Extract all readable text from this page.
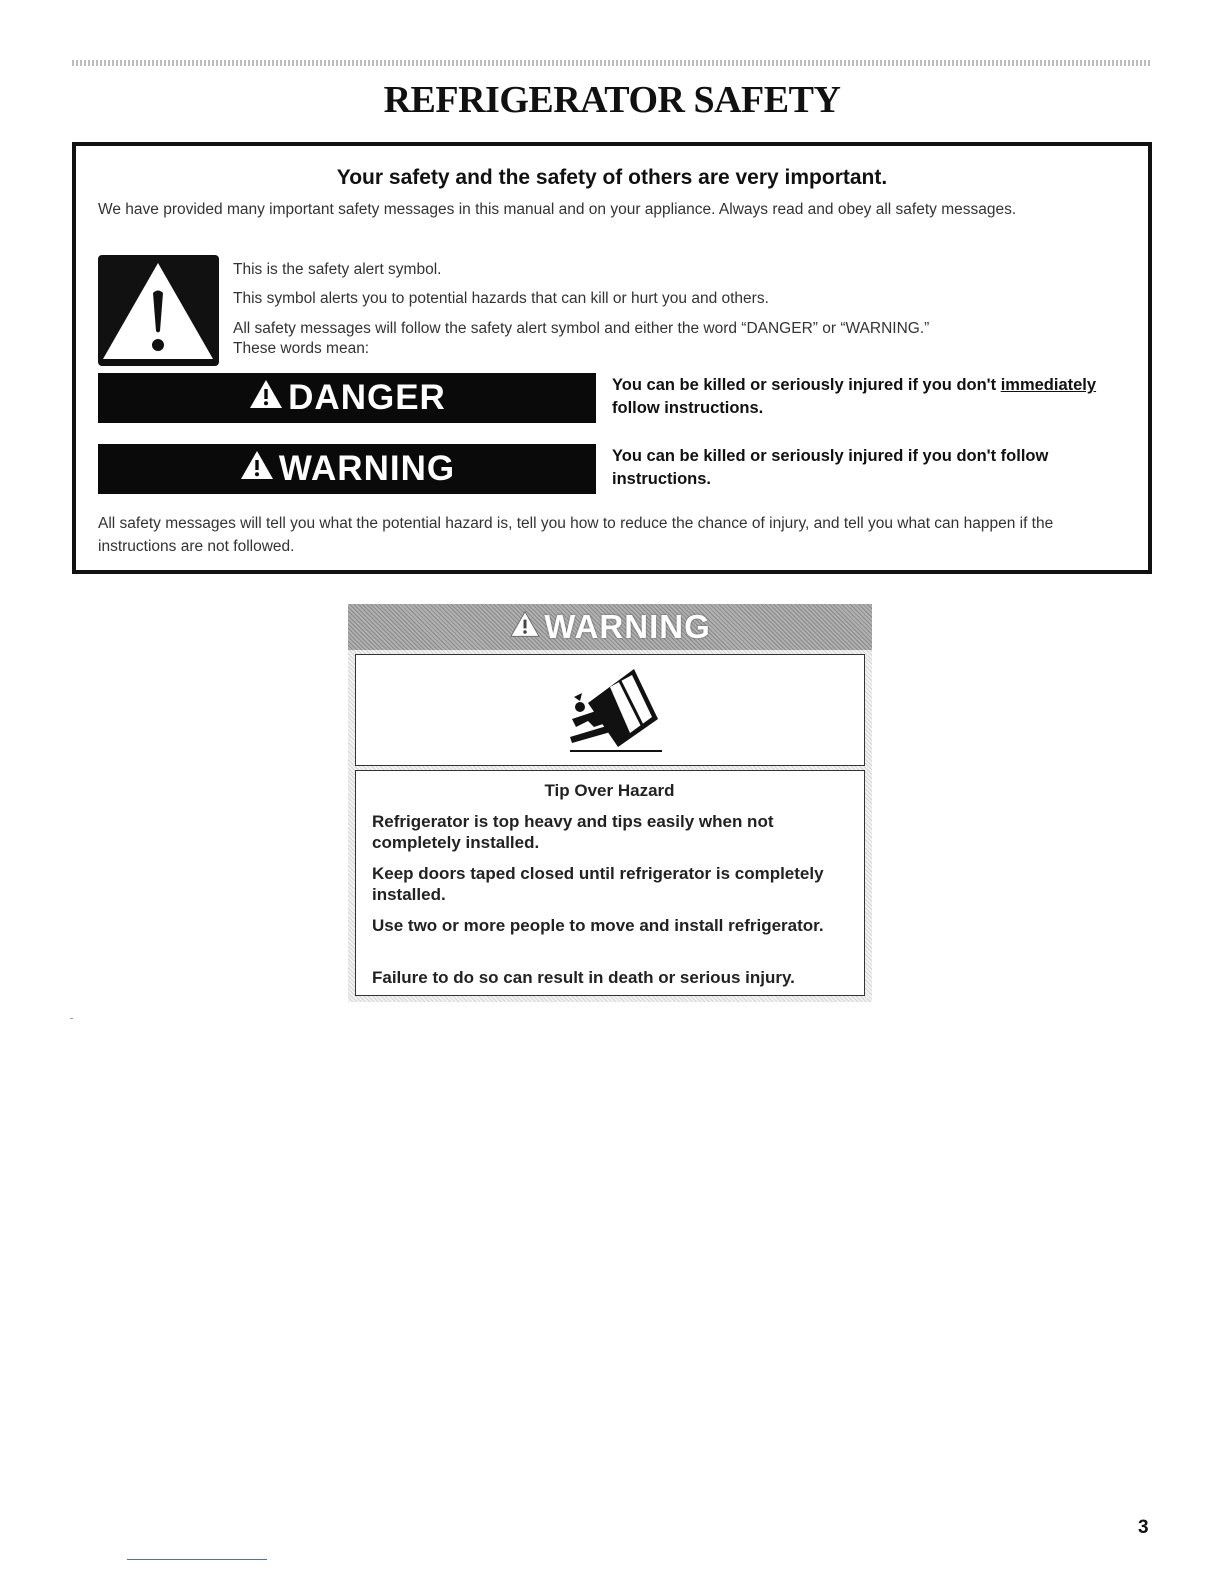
REFRIGERATOR SAFETY
Your safety and the safety of others are very important.
We have provided many important safety messages in this manual and on your appliance. Always read and obey all safety messages.
This is the safety alert symbol.
This symbol alerts you to potential hazards that can kill or hurt you and others.
All safety messages will follow the safety alert symbol and either the word “DANGER” or “WARNING.”
These words mean:
DANGER	You can be killed or seriously injured if you don't immediately follow instructions.
WARNING	You can be killed or seriously injured if you don't follow instructions.
All safety messages will tell you what the potential hazard is, tell you how to reduce the chance of injury, and tell you what can happen if the instructions are not followed.
WARNING
Tip Over Hazard
Refrigerator is top heavy and tips easily when not completely installed.
Keep doors taped closed until refrigerator is completely installed.
Use two or more people to move and install refrigerator.
Failure to do so can result in death or serious injury.
3
